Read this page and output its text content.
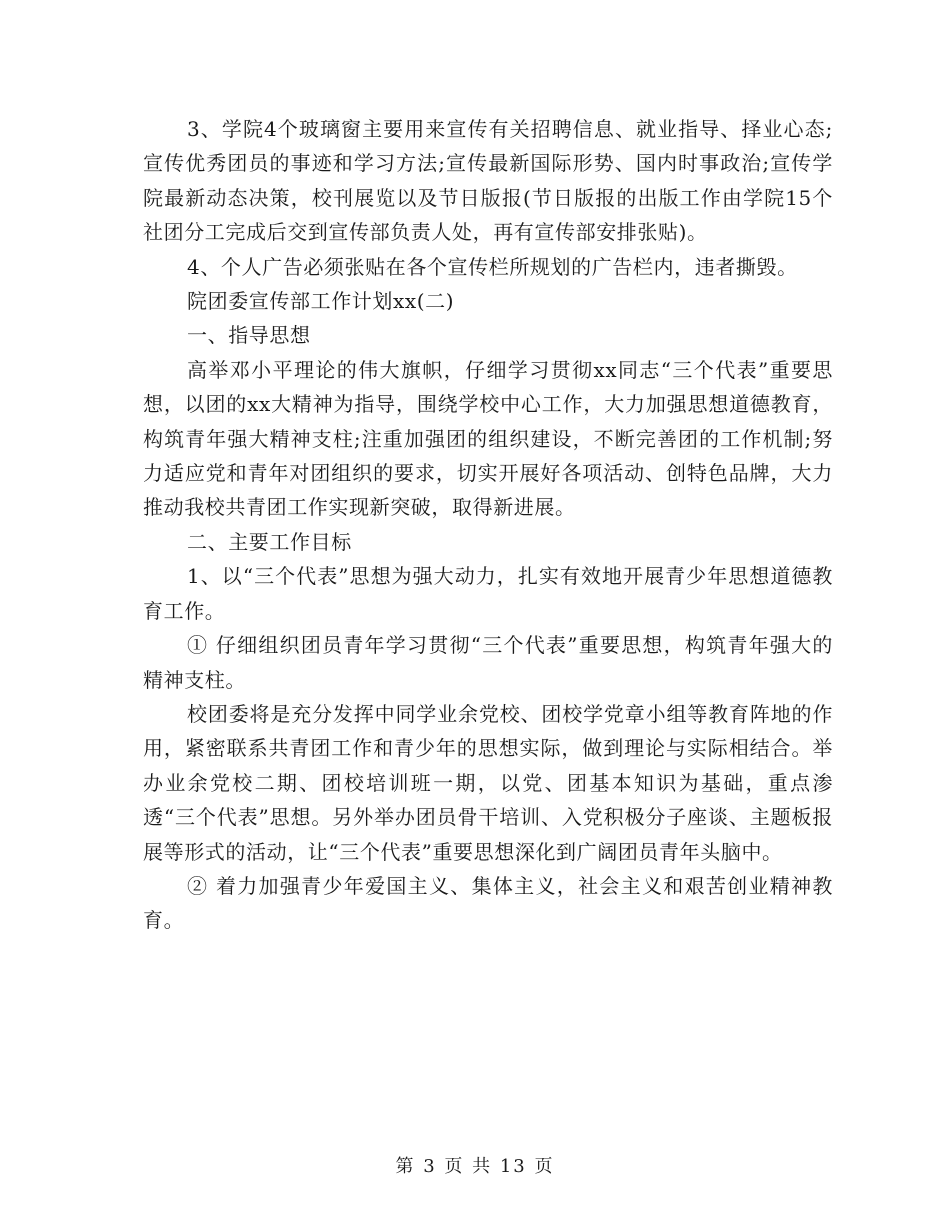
3、学院4个玻璃窗主要用来宣传有关招聘信息、就业指导、择业心态;宣传优秀团员的事迹和学习方法;宣传最新国际形势、国内时事政治;宣传学院最新动态决策，校刊展览以及节日版报(节日版报的出版工作由学院15个社团分工完成后交到宣传部负责人处，再有宣传部安排张贴)。

4、个人广告必须张贴在各个宣传栏所规划的广告栏内，违者撕毁。

院团委宣传部工作计划xx(二)

一、指导思想

高举邓小平理论的伟大旗帜，仔细学习贯彻xx同志“三个代表”重要思想，以团的xx大精神为指导，围绕学校中心工作，大力加强思想道德教育，构筑青年强大精神支柱;注重加强团的组织建设，不断完善团的工作机制;努力适应党和青年对团组织的要求，切实开展好各项活动、创特色品牌，大力推动我校共青团工作实现新突破，取得新进展。

二、主要工作目标

1、以“三个代表”思想为强大动力，扎实有效地开展青少年思想道德教育工作。

① 仔细组织团员青年学习贯彻“三个代表”重要思想，构筑青年强大的精神支柱。

校团委将是充分发挥中同学业余党校、团校学党章小组等教育阵地的作用，紧密联系共青团工作和青少年的思想实际，做到理论与实际相结合。举办业余党校二期、团校培训班一期，以党、团基本知识为基础，重点渗透“三个代表”思想。另外举办团员骨干培训、入党积极分子座谈、主题板报展等形式的活动，让“三个代表”重要思想深化到广阔团员青年头脑中。

② 着力加强青少年爱国主义、集体主义，社会主义和艰苦创业精神教育。

第 3 页 共 13 页
